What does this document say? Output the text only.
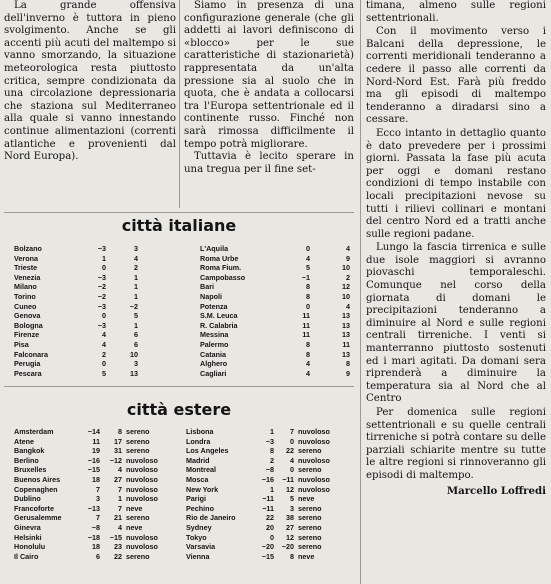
La grande offensiva dell'inverno è tuttora in pieno svolgimento. Anche se gli accenti più acuti del maltempo si vanno smorzando, la situazione meteorologica resta piuttosto critica, sempre condizionata da una circolazione depressionaria che staziona sul Mediterraneo alla quale si vanno innestando continue alimentazioni (correnti atlantiche e provenienti dal Nord Europa).

Siamo in presenza di una configurazione generale (che gli addetti ai lavori definiscono di «blocco» per le sue caratteristiche di stazionarietà) rappresentata da un'alta pressione sia al suolo che in quota, che è andata a collocarsi tra l'Europa settentrionale ed il continente russo. Finché non sarà rimossa difficilmente il tempo potrà migliorare.

Tuttavia è lecito sperare in una tregua per il fine set-

timana, almeno sulle regioni settentrionali.

Con il movimento verso i Balcani della depressione, le correnti meridionali tenderanno a cedere il passo alle correnti da Nord-Nord Est. Farà più freddo ma gli episodi di maltempo tenderanno a diradarsi sino a cessare.

Ecco intanto in dettaglio quanto è dato prevedere per i prossimi giorni. Passata la fase più acuta per oggi e domani restano condizioni di tempo instabile con locali precipitazioni nevose su tutti i rilievi collinari e montani del centro Nord ed a tratti anche sulle regioni padane.

Lungo la fascia tirrenica e sulle due isole maggiori si avranno piovaschi temporaleschi. Comunque nel corso della giornata di domani le precipitazioni tenderanno a diminuire al Nord e sulle regioni centrali tirreniche. I venti si manterranno piuttosto sostenuti ed i mari agitati. Da domani sera riprenderà a diminuire la temperatura sia al Nord che al Centro

Per domenica sulle regioni settentrionali e su quelle centrali tirreniche si potrà contare su delle parziali schiarite mentre su tutte le altre regioni si rinnoveranno gli episodi di maltempo.

Marcello Loffredi
città italiane
Bolzano	−3	3
Verona	1	4
Trieste	0	2
Venezia	−3	1
Milano	−2	1
Torino	−2	1
Cuneo	−3	−2
Genova	0	5
Bologna	−3	1
Firenze	4	6
Pisa	4	6
Falconara	2	10
Perugia	0	3
Pescara	5	13
L'Aquila	0	4
Roma Urbe	4	9
Roma Fium.	5	10
Campobasso	−1	2
Bari	8	12
Napoli	8	10
Potenza	0	4
S.M. Leuca	11	13
R. Calabria	11	13
Messina	11	13
Palermo	8	11
Catania	8	13
Alghero	4	8
Cagliari	4	9
città estere
Amsterdam	−14	8 sereno
Atene	11	17 sereno
Bangkok	19	31 sereno
Berlino	−16	−12 nuvoloso
Bruxelles	−15	4 nuvoloso
Buenos Aires	18	27 nuvoloso
Copenaghen	7	7 nuvoloso
Dublino	3	1 nuvoloso
Francoforte	−13	7 neve
Gerusalemme	7	21 sereno
Ginevra	−8	4 neve
Helsinki	−18	−15 nuvoloso
Honolulu	18	23 nuvoloso
Il Cairo	6	22 sereno
Lisbona	1	7 nuvoloso
Londra	−3	0 nuvoloso
Los Angeles	8	22 sereno
Madrid	2	4 nuvoloso
Montreal	−8	0 sereno
Mosca	−16	−11 nuvoloso
New York	1	12 nuvoloso
Parigi	−11	5 neve
Pechino	−11	3 sereno
Rio de Janeiro	22	38 sereno
Sydney	20	27 sereno
Tokyo	0	12 sereno
Varsavia	−20	−20 sereno
Vienna	−15	8 neve
